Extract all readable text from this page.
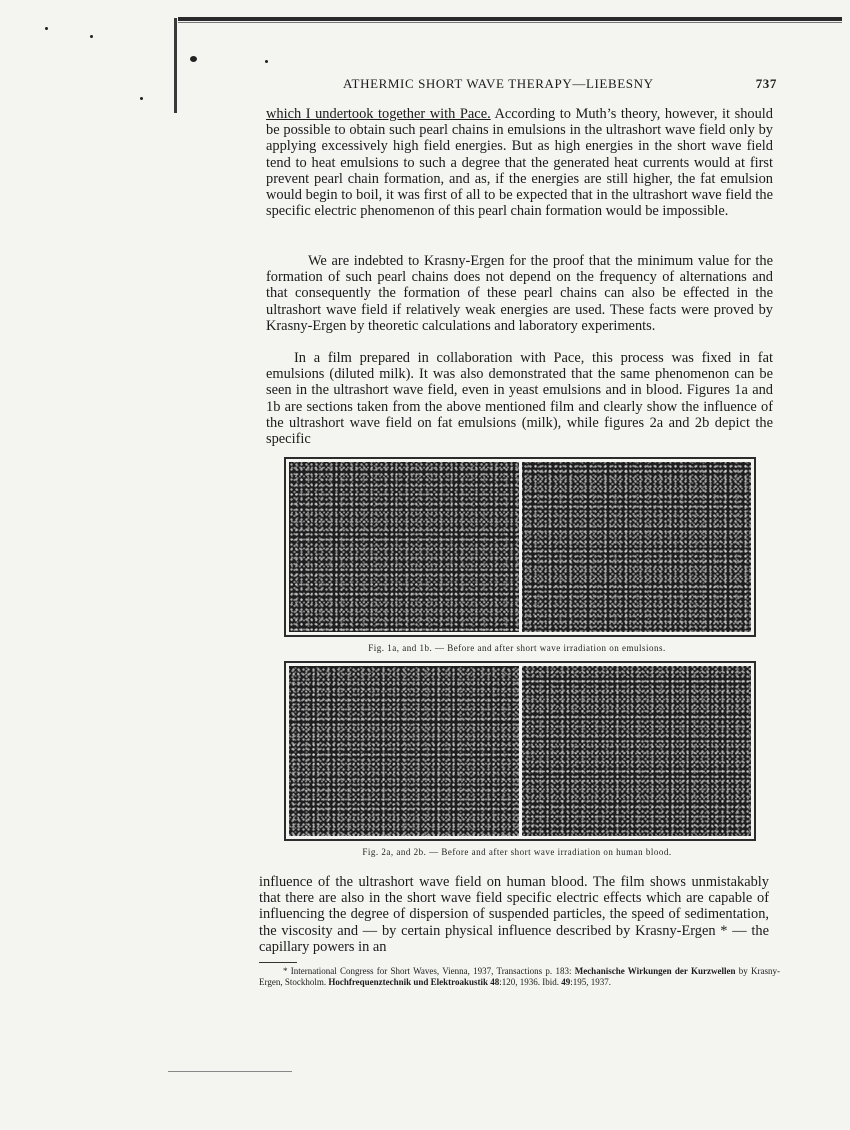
ATHERMIC SHORT WAVE THERAPY—LIEBESNY	737

which I undertook together with Pace. According to Muth’s theory, however, it should be possible to obtain such pearl chains in emulsions in the ultrashort wave field only by applying excessively high field energies. But as high energies in the short wave field tend to heat emulsions to such a degree that the generated heat currents would at first prevent pearl chain formation, and as, if the energies are still higher, the fat emulsion would begin to boil, it was first of all to be expected that in the ultrashort wave field the specific electric phenomenon of this pearl chain formation would be impossible.

We are indebted to Krasny-Ergen for the proof that the minimum value for the formation of such pearl chains does not depend on the frequency of alternations and that consequently the formation of these pearl chains can also be effected in the ultrashort wave field if relatively weak energies are used. These facts were proved by Krasny-Ergen by theoretic calculations and laboratory experiments.

In a film prepared in collaboration with Pace, this process was fixed in fat emulsions (diluted milk). It was also demonstrated that the same phenomenon can be seen in the ultrashort wave field, even in yeast emulsions and in blood. Figures 1a and 1b are sections taken from the above mentioned film and clearly show the influence of the ultrashort wave field on fat emulsions (milk), while figures 2a and 2b depict the specific

Fig. 1a, and 1b. — Before and after short wave irradiation on emulsions.
Fig. 2a, and 2b. — Before and after short wave irradiation on human blood.

influence of the ultrashort wave field on human blood. The film shows unmistakably that there are also in the short wave field specific electric effects which are capable of influencing the degree of dispersion of suspended particles, the speed of sedimentation, the viscosity and — by certain physical influence described by Krasny-Ergen * — the capillary powers in an

* International Congress for Short Waves, Vienna, 1937, Transactions p. 183: Mechanische Wirkungen der Kurzwellen by Krasny-Ergen, Stockholm. Hochfrequenztechnik und Elektroakustik 48:120, 1936. Ibid. 49:195, 1937.
